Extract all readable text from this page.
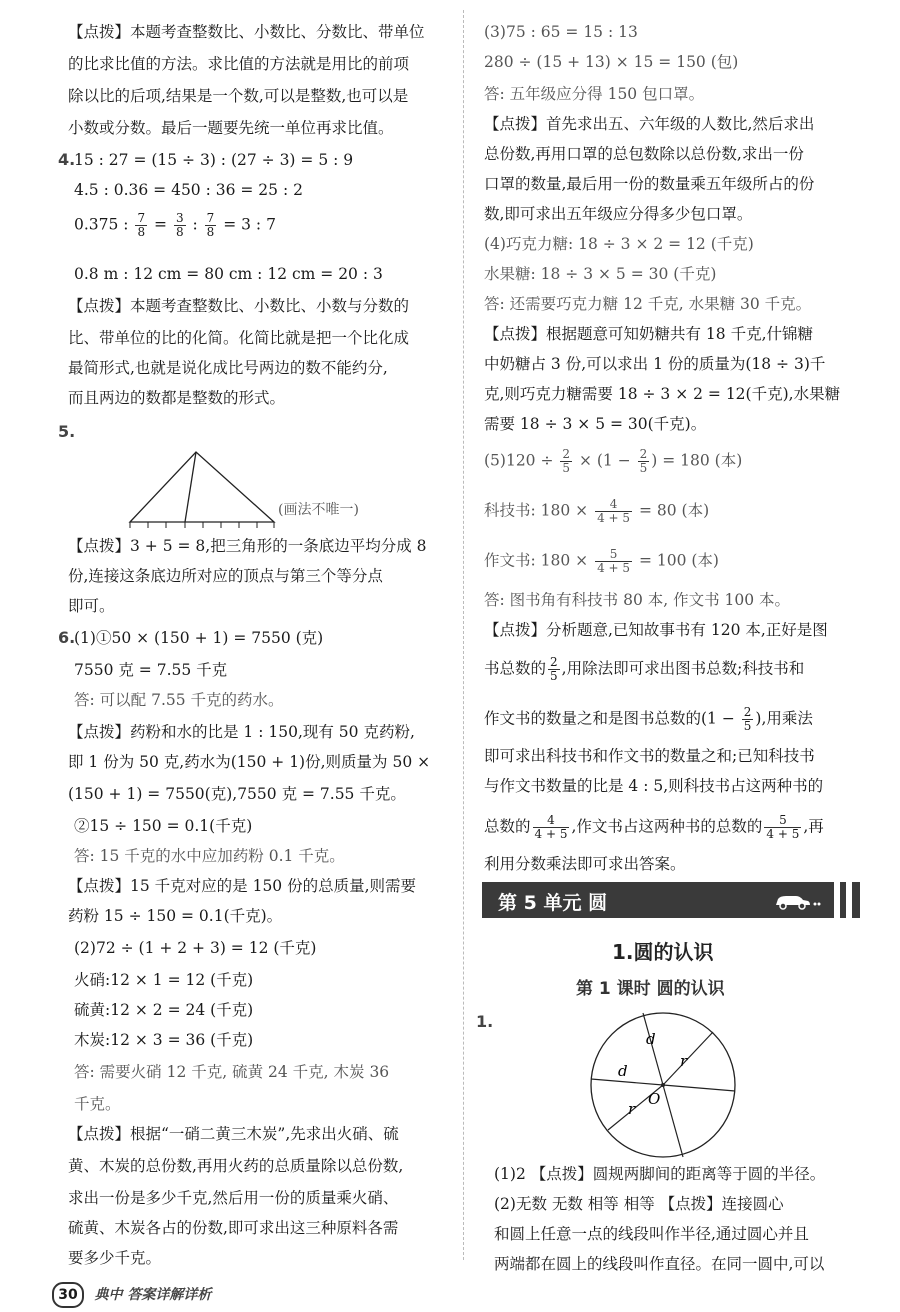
【点拨】本题考查整数比、小数比、分数比、带单位
的比求比值的方法。求比值的方法就是用比的前项
除以比的后项,结果是一个数,可以是整数,也可以是
小数或分数。最后一题要先统一单位再求比值。
4.
15 : 27 = (15 ÷ 3) : (27 ÷ 3) = 5 : 9
4.5 : 0.36 = 450 : 36 = 25 : 2
0.375 : $\frac{7}{8} = \frac{3}{8}$ : $\frac{7}{8} = 3$ : 7
0.8 m : 12 cm = 80 cm : 12 cm = 20 : 3
【点拨】本题考查整数比、小数比、小数与分数的
比、带单位的比的化简。化简比就是把一个比化成
最简形式,也就是说化成比号两边的数不能约分,
而且两边的数都是整数的形式。
5.
(画法不唯一)
【点拨】3 + 5 = 8,把三角形的一条底边平均分成 8
份,连接这条底边所对应的顶点与第三个等分点
即可。
6.
(1)①50 × (150 + 1) = 7550 (克)
7550 克 = 7.55 千克
答: 可以配 7.55 千克的药水。
【点拨】药粉和水的比是 1 : 150,现有 50 克药粉,
即 1 份为 50 克,药水为(150 + 1)份,则质量为 50 ×
(150 + 1) = 7550(克),7550 克 = 7.55 千克。
②15 ÷ 150 = 0.1(千克)
答: 15 千克的水中应加药粉 0.1 千克。
【点拨】15 千克对应的是 150 份的总质量,则需要
药粉 15 ÷ 150 = 0.1(千克)。
(2)72 ÷ (1 + 2 + 3) = 12 (千克)
火硝:12 × 1 = 12 (千克)
硫黄:12 × 2 = 24 (千克)
木炭:12 × 3 = 36 (千克)
答: 需要火硝 12 千克, 硫黄 24 千克, 木炭 36
千克。
【点拨】根据“一硝二黄三木炭”,先求出火硝、硫
黄、木炭的总份数,再用火药的总质量除以总份数,
求出一份是多少千克,然后用一份的质量乘火硝、
硫黄、木炭各占的份数,即可求出这三种原料各需
要多少千克。
(3)75 : 65 = 15 : 13
280 ÷ (15 + 13) × 15 = 150 (包)
答: 五年级应分得 150 包口罩。
【点拨】首先求出五、六年级的人数比,然后求出
总份数,再用口罩的总包数除以总份数,求出一份
口罩的数量,最后用一份的数量乘五年级所占的份
数,即可求出五年级应分得多少包口罩。
(4)巧克力糖: 18 ÷ 3 × 2 = 12 (千克)
水果糖: 18 ÷ 3 × 5 = 30 (千克)
答: 还需要巧克力糖 12 千克, 水果糖 30 千克。
【点拨】根据题意可知奶糖共有 18 千克,什锦糖
中奶糖占 3 份,可以求出 1 份的质量为(18 ÷ 3)千
克,则巧克力糖需要 18 ÷ 3 × 2 = 12(千克),水果糖
需要 18 ÷ 3 × 5 = 30(千克)。
$(5)120 \div \frac{2}{5} \times (1 - \frac{2}{5}$ ) = 180 (本)
科技书: $180 \times \frac{4}{4 + 5} = 80$ (本)
作文书: $180 \times \frac{5}{4 + 5} = 100$ (本)
答: 图书角有科技书 80 本, 作文书 100 本。
【点拨】分析题意,已知故事书有 120 本,正好是图
书总数的 $\frac{2}{5}$ ,用除法即可求出图书总数;科技书和
作文书的数量之和是图书总数的($1 - \frac{2}{5}$ ),用乘法
即可求出科技书和作文书的数量之和;已知科技书
与作文书数量的比是 4 : 5,则科技书占这两种书的
总数的 $\frac{4}{4 + 5}$ ,作文书占这两种书的总数的 $\frac{5}{4 + 5}$ ,再
利用分数乘法即可求出答案。
第 5 单元 圆
1.圆的认识
第 1 课时 圆的认识
1.
d
d
r
r
O
(1)2 【点拨】圆规两脚间的距离等于圆的半径。
(2)无数 无数 相等 相等 【点拨】连接圆心
和圆上任意一点的线段叫作半径,通过圆心并且
两端都在圆上的线段叫作直径。在同一圆中,可以
30 典中 答案详解详析
